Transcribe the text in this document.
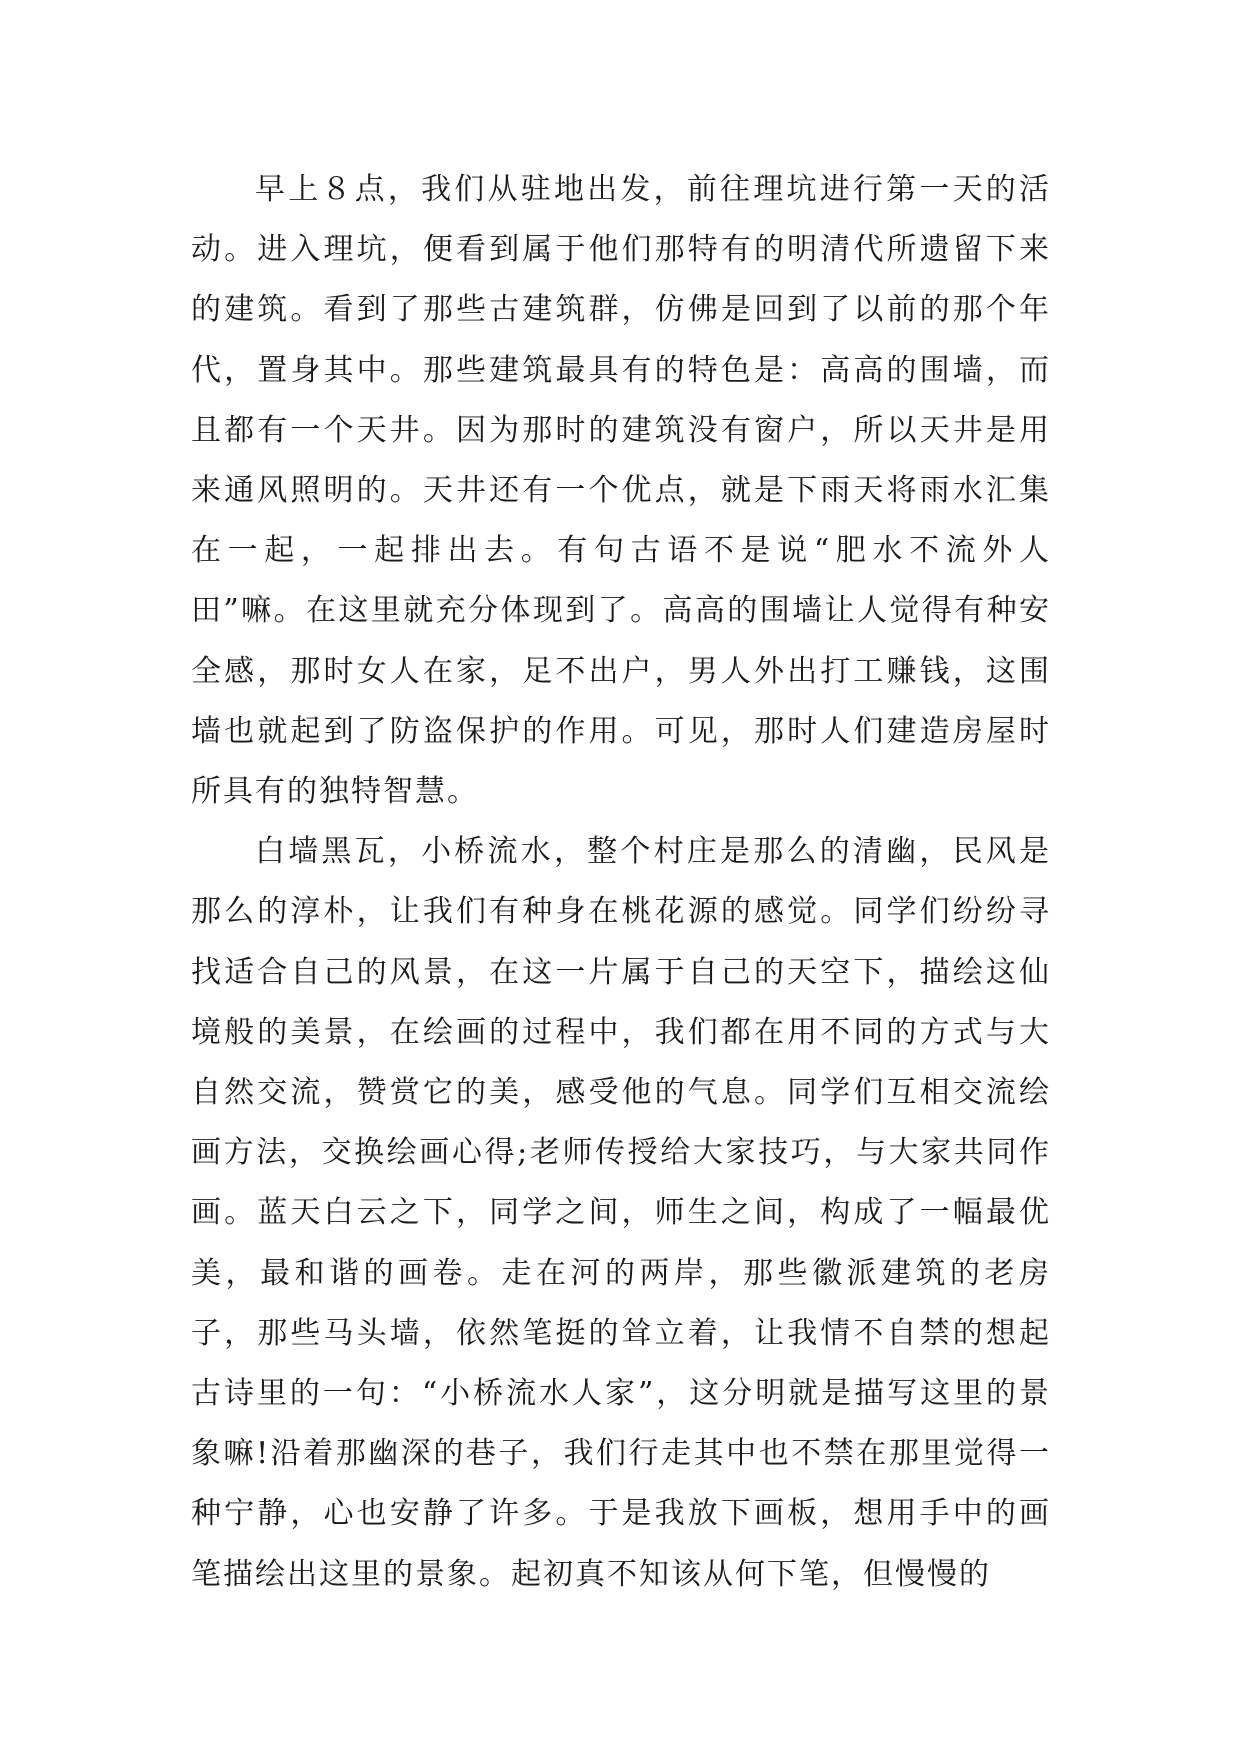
早上８点，我们从驻地出发，前往理坑进行第一天的活动。进入理坑，便看到属于他们那特有的明清代所遗留下来的建筑。看到了那些古建筑群，仿佛是回到了以前的那个年代，置身其中。那些建筑最具有的特色是：高高的围墙，而且都有一个天井。因为那时的建筑没有窗户，所以天井是用来通风照明的。天井还有一个优点，就是下雨天将雨水汇集在一起，一起排出去。有句古语不是说“肥水不流外人田”嘛。在这里就充分体现到了。高高的围墙让人觉得有种安全感，那时女人在家，足不出户，男人外出打工赚钱，这围墙也就起到了防盗保护的作用。可见，那时人们建造房屋时所具有的独特智慧。

白墙黑瓦，小桥流水，整个村庄是那么的清幽，民风是那么的淳朴，让我们有种身在桃花源的感觉。同学们纷纷寻找适合自己的风景，在这一片属于自己的天空下，描绘这仙境般的美景，在绘画的过程中，我们都在用不同的方式与大自然交流，赞赏它的美，感受他的气息。同学们互相交流绘画方法，交换绘画心得;老师传授给大家技巧，与大家共同作画。蓝天白云之下，同学之间，师生之间，构成了一幅最优美，最和谐的画卷。走在河的两岸，那些徽派建筑的老房子，那些马头墙，依然笔挺的耸立着，让我情不自禁的想起古诗里的一句：“小桥流水人家”，这分明就是描写这里的景象嘛!沿着那幽深的巷子，我们行走其中也不禁在那里觉得一种宁静，心也安静了许多。于是我放下画板，想用手中的画笔描绘出这里的景象。起初真不知该从何下笔，但慢慢的
